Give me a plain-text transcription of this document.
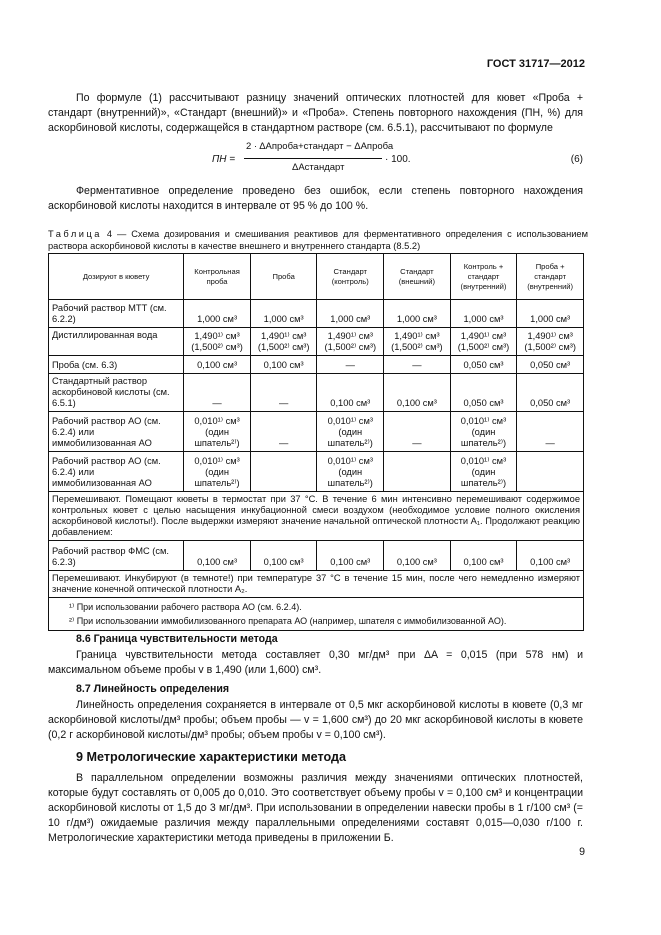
ГОСТ 31717—2012
По формуле (1) рассчитывают разницу значений оптических плотностей для кювет «Проба + стандарт (внутренний)», «Стандарт (внешний)» и «Проба». Степень повторного нахождения (ПН, %) для аскорбиновой кислоты, содержащейся в стандартном растворе (см. 6.5.1), рассчитывают по формуле
ПН =
2 · ΔAпроба+стандарт − ΔAпроба
ΔAстандарт
· 100.	(6)
Ферментативное определение проведено без ошибок, если степень повторного нахождения аскорбиновой кислоты находится в интервале от 95 % до 100 %.
Таблица 4 — Схема дозирования и смешивания реактивов для ферментативного определения с использованием раствора аскорбиновой кислоты в качестве внешнего и внутреннего стандарта (8.5.2)
Дозируют в кювету	Контрольная проба	Проба	Стандарт (контроль)	Стандарт (внешний)	Контроль + стандарт (внутренний)	Проба + стандарт (внутренний)
Рабочий раствор МТТ (см. 6.2.2)	1,000 см³	1,000 см³	1,000 см³	1,000 см³	1,000 см³	1,000 см³
Дистиллированная вода	1,490¹⁾ см³ (1,500²⁾ см³)	1,490¹⁾ см³ (1,500²⁾ см³)	1,490¹⁾ см³ (1,500²⁾ см³)	1,490¹⁾ см³ (1,500²⁾ см³)	1,490¹⁾ см³ (1,500²⁾ см³)	1,490¹⁾ см³ (1,500²⁾ см³)
Проба (см. 6.3)	0,100 см³	0,100 см³	—	—	0,050 см³	0,050 см³
Стандартный раствор аскорбиновой кислоты (см. 6.5.1)	—	—	0,100 см³	0,100 см³	0,050 см³	0,050 см³
Рабочий раствор АО (см. 6.2.4) или иммобилизованная АО	0,010¹⁾ см³ (один шпатель²⁾)	—	0,010¹⁾ см³ (один шпатель²⁾)	—	0,010¹⁾ см³ (один шпатель²⁾)	—
Рабочий раствор АО (см. 6.2.4) или иммобилизованная АО	0,010¹⁾ см³ (один шпатель²⁾)		0,010¹⁾ см³ (один шпатель²⁾)		0,010¹⁾ см³ (один шпатель²⁾)	
Перемешивают. Помещают кюветы в термостат при 37 °С. В течение 6 мин интенсивно перемешивают содержимое контрольных кювет с целью насыщения инкубационной смеси воздухом (необходимое условие полного окисления аскорбиновой кислоты!). После выдержки измеряют значение начальной оптической плотности A₁. Продолжают реакцию добавлением:						
Рабочий раствор ФМС (см. 6.2.3)	0,100 см³	0,100 см³	0,100 см³	0,100 см³	0,100 см³	0,100 см³
Перемешивают. Инкубируют (в темноте!) при температуре 37 °С в течение 15 мин, после чего немедленно измеряют значение конечной оптической плотности A₂.						

¹⁾ При использовании рабочего раствора АО (см. 6.2.4).
²⁾ При использовании иммобилизованного препарата АО (например, шпателя с иммобилизованной АО).						
8.6 Граница чувствительности метода
Граница чувствительности метода составляет 0,30 мг/дм³ при ΔA = 0,015 (при 578 нм) и максимальном объеме пробы v в 1,490 (или 1,600) см³.
8.7 Линейность определения
Линейность определения сохраняется в интервале от 0,5 мкг аскорбиновой кислоты в кювете (0,3 мг аскорбиновой кислоты/дм³ пробы; объем пробы — v = 1,600 см³) до 20 мкг аскорбиновой кислоты в кювете (0,2 г аскорбиновой кислоты/дм³ пробы; объем пробы v = 0,100 см³).
9 Метрологические характеристики метода
В параллельном определении возможны различия между значениями оптических плотностей, которые будут составлять от 0,005 до 0,010. Это соответствует объему пробы v = 0,100 см³ и концентрации аскорбиновой кислоты от 1,5 до 3 мг/дм³. При использовании в определении навески пробы в 1 г/100 см³ (= 10 г/дм³) ожидаемые различия между параллельными определениями составят 0,015—0,030 г/100 г. Метрологические характеристики метода приведены в приложении Б.
9
